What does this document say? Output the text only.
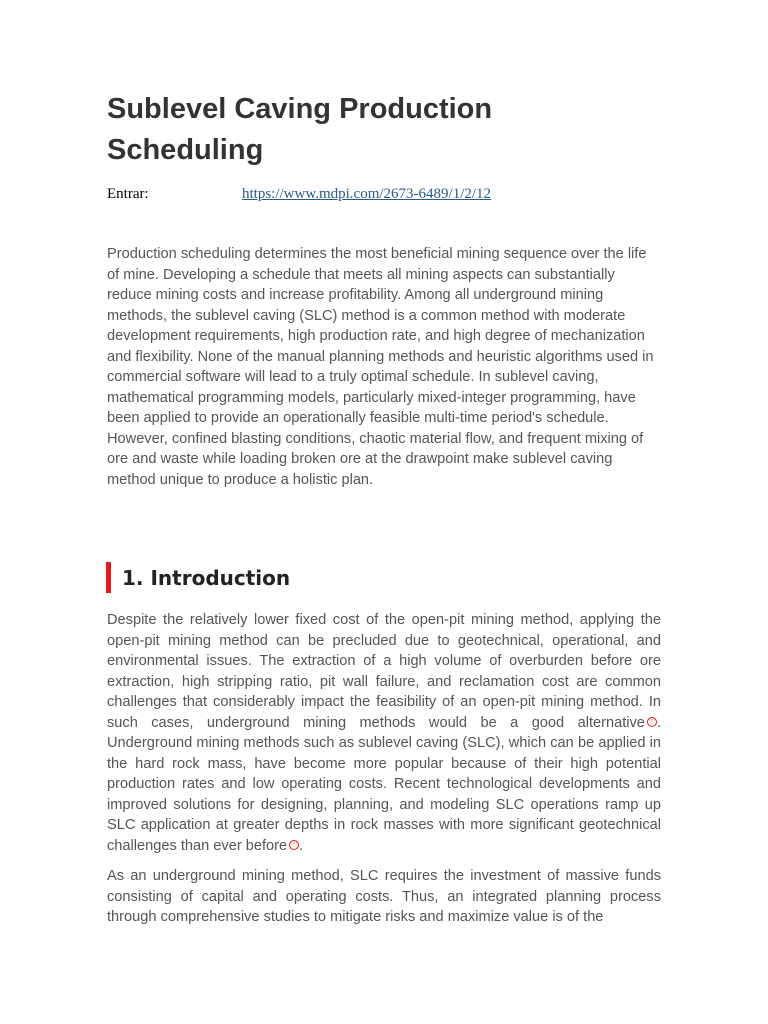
Sublevel Caving Production Scheduling
Entrar:	https://www.mdpi.com/2673-6489/1/2/12

Production scheduling determines the most beneficial mining sequence over the life of mine. Developing a schedule that meets all mining aspects can substantially reduce mining costs and increase profitability. Among all underground mining methods, the sublevel caving (SLC) method is a common method with moderate development requirements, high production rate, and high degree of mechanization and flexibility. None of the manual planning methods and heuristic algorithms used in commercial software will lead to a truly optimal schedule. In sublevel caving, mathematical programming models, particularly mixed-integer programming, have been applied to provide an operationally feasible multi-time period's schedule. However, confined blasting conditions, chaotic material flow, and frequent mixing of ore and waste while loading broken ore at the drawpoint make sublevel caving method unique to produce a holistic plan.

1. Introduction

Despite the relatively lower fixed cost of the open-pit mining method, applying the open-pit mining method can be precluded due to geotechnical, operational, and environmental issues. The extraction of a high volume of overburden before ore extraction, high stripping ratio, pit wall failure, and reclamation cost are common challenges that considerably impact the feasibility of an open-pit mining method. In such cases, underground mining methods would be a good alternative ⓡ . Underground mining methods such as sublevel caving (SLC), which can be applied in the hard rock mass, have become more popular because of their high potential production rates and low operating costs. Recent technological developments and improved solutions for designing, planning, and modeling SLC operations ramp up SLC application at greater depths in rock masses with more significant geotechnical challenges than ever before ⓡ .

As an underground mining method, SLC requires the investment of massive funds consisting of capital and operating costs. Thus, an integrated planning process through comprehensive studies to mitigate risks and maximize value is of the
